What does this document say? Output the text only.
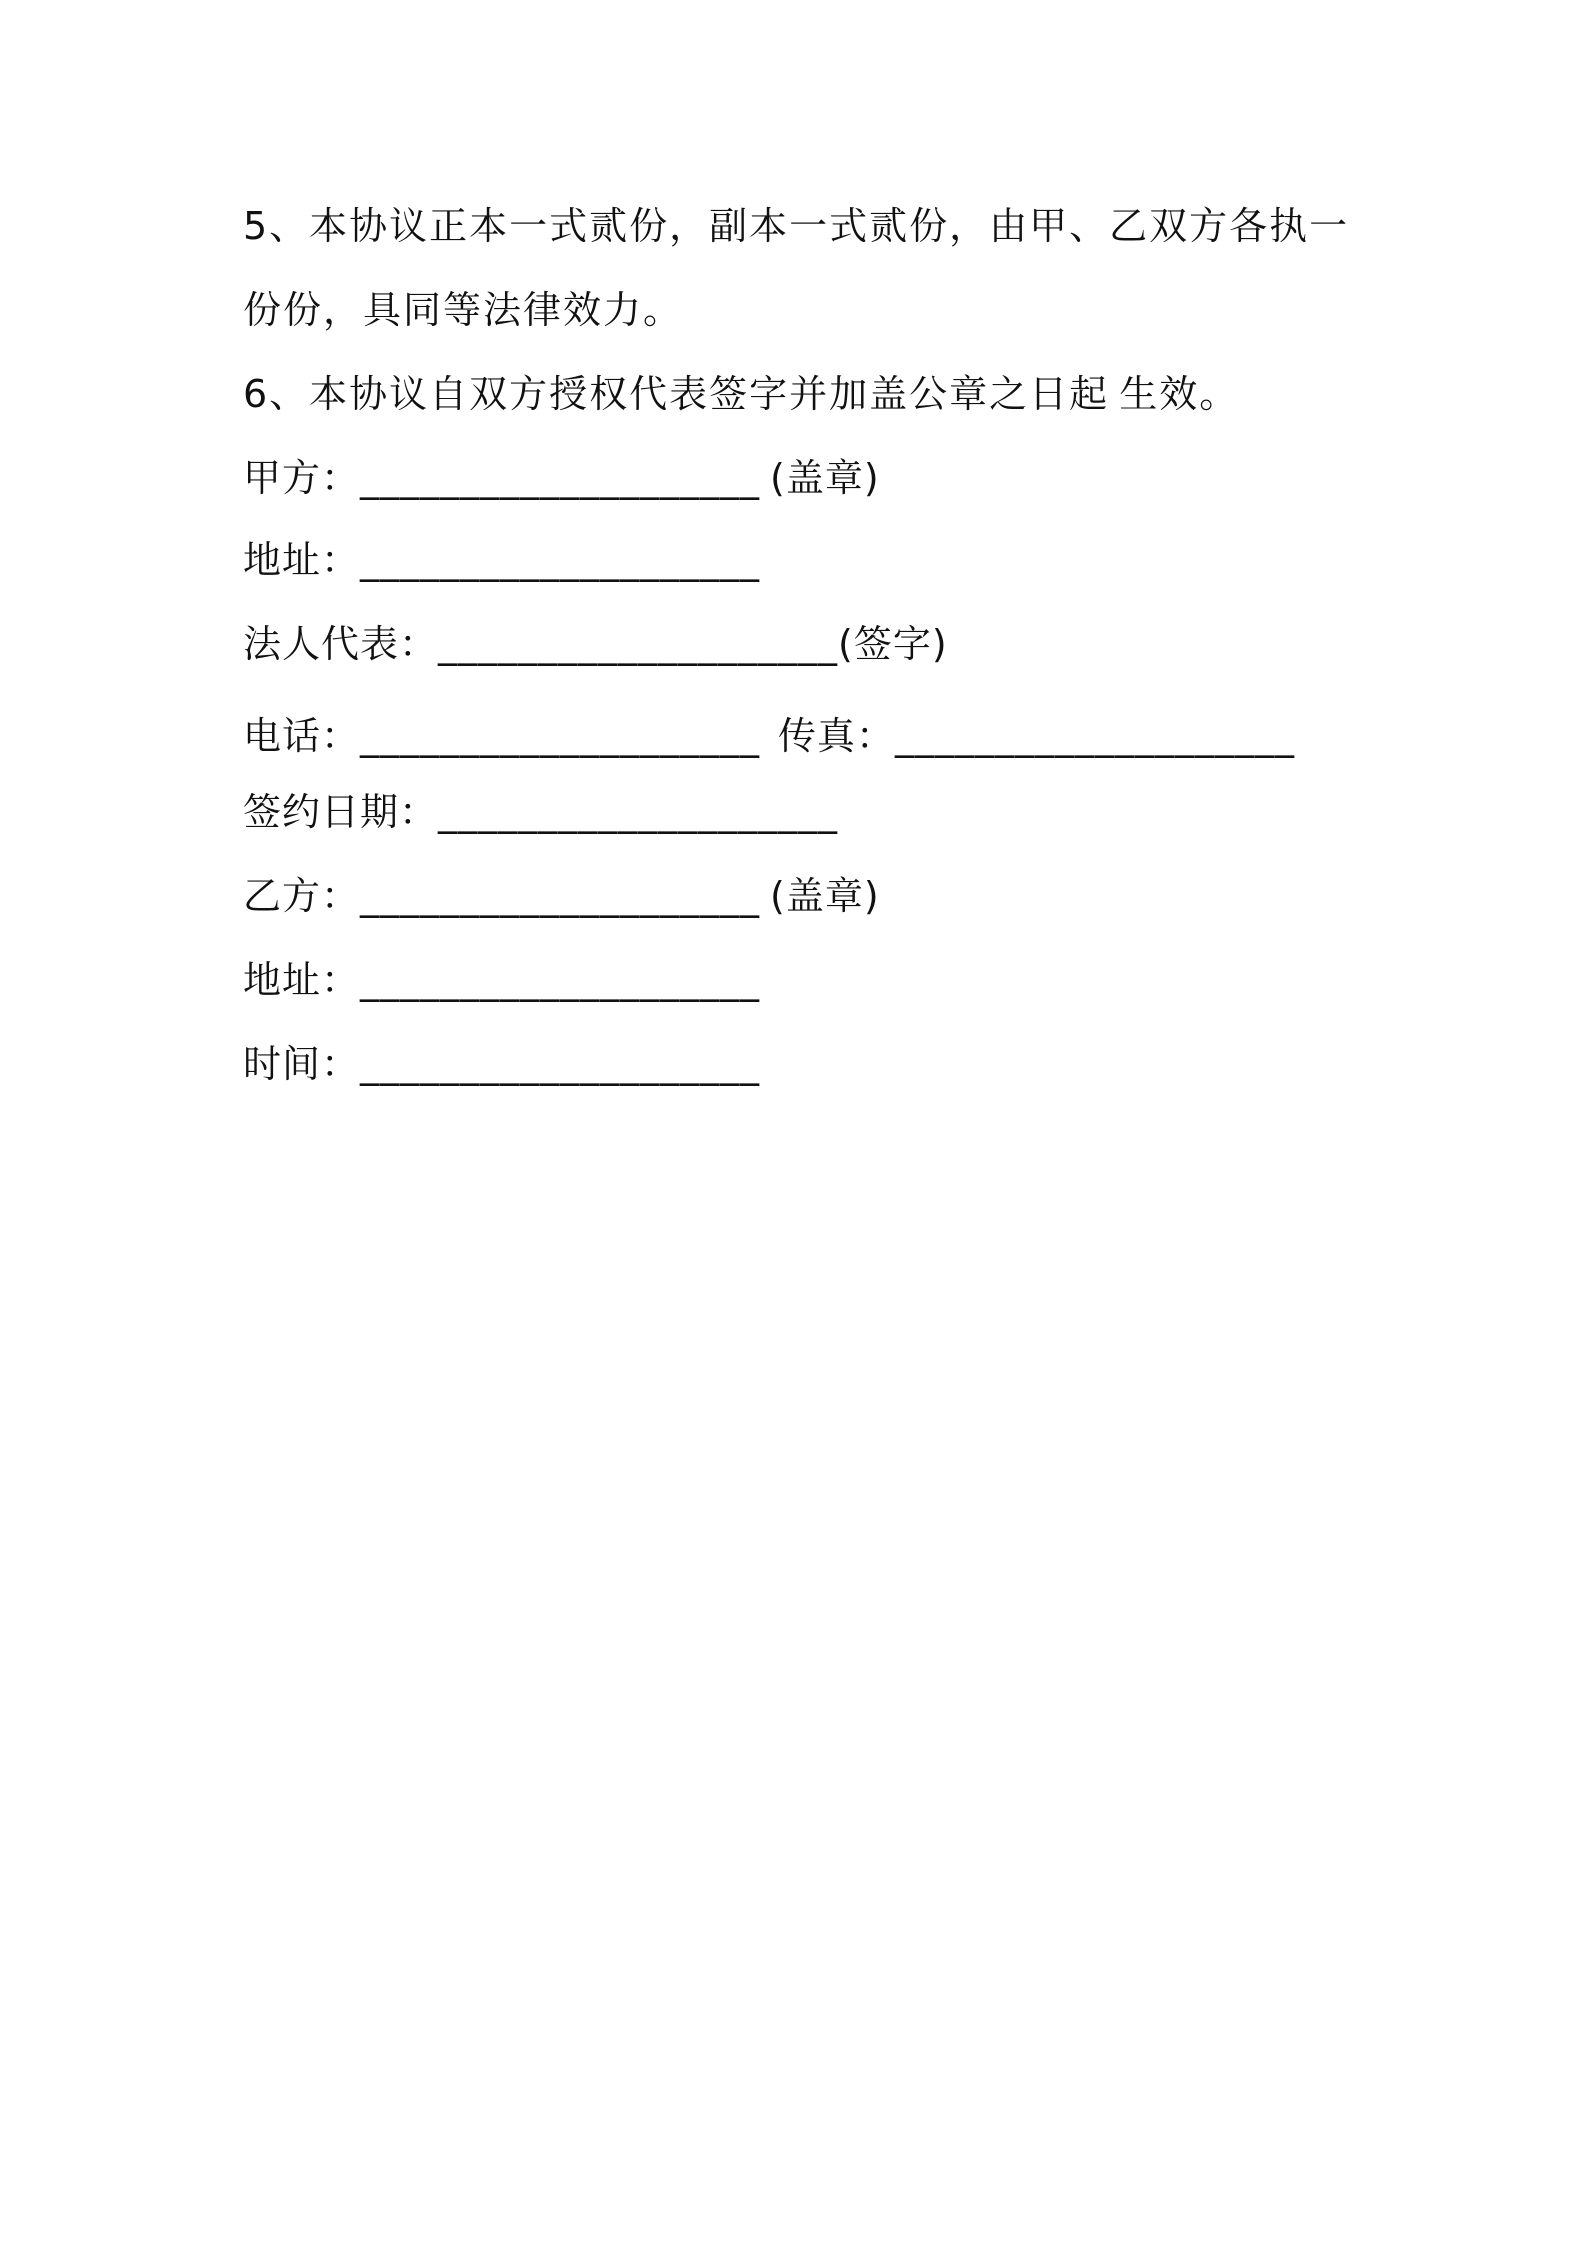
5、本协议正本一式贰份，副本一式贰份，由甲、乙双方各执一
份份，具同等法律效力。
6、本协议自双方授权代表签字并加盖公章之日起 生效。
甲方：____________________ (盖章)
地址：____________________
法人代表：____________________(签字)
电话：____________________ 传真：____________________
签约日期：____________________
乙方：____________________ (盖章)
地址：____________________
时间：____________________
